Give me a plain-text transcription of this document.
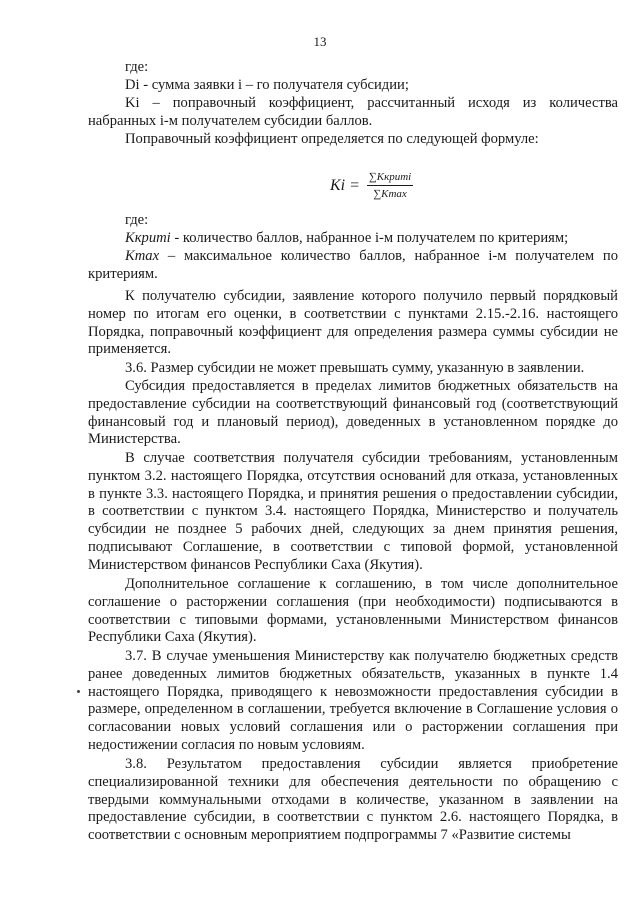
13

где:

Di - сумма заявки i – го получателя субсидии;

Ki – поправочный коэффициент, рассчитанный исходя из количества набранных i-м получателем субсидии баллов.

Поправочный коэффициент определяется по следующей формуле:

где:

Ккритi - количество баллов, набранное i-м получателем по критериям;

Kmax – максимальное количество баллов, набранное i-м получателем по критериям.

К получателю субсидии, заявление которого получило первый порядковый номер по итогам его оценки, в соответствии с пунктами 2.15.-2.16. настоящего Порядка, поправочный коэффициент для определения размера суммы субсидии не применяется.

3.6. Размер субсидии не может превышать сумму, указанную в заявлении.

Субсидия предоставляется в пределах лимитов бюджетных обязательств на предоставление субсидии на соответствующий финансовый год (соответствующий финансовый год и плановый период), доведенных в установленном порядке до Министерства.

В случае соответствия получателя субсидии требованиям, установленным пунктом 3.2. настоящего Порядка, отсутствия оснований для отказа, установленных в пункте 3.3. настоящего Порядка, и принятия решения о предоставлении субсидии, в соответствии с пунктом 3.4. настоящего Порядка, Министерство и получатель субсидии не позднее 5 рабочих дней, следующих за днем принятия решения, подписывают Соглашение, в соответствии с типовой формой, установленной Министерством финансов Республики Саха (Якутия).

Дополнительное соглашение к соглашению, в том числе дополнительное соглашение о расторжении соглашения (при необходимости) подписываются в соответствии с типовыми формами, установленными Министерством финансов Республики Саха (Якутия).

3.7. В случае уменьшения Министерству как получателю бюджетных средств ранее доведенных лимитов бюджетных обязательств, указанных в пункте 1.4 настоящего Порядка, приводящего к невозможности предоставления субсидии в размере, определенном в соглашении, требуется включение в Соглашение условия о согласовании новых условий соглашения или о расторжении соглашения при недостижении согласия по новым условиям.

3.8. Результатом предоставления субсидии является приобретение специализированной техники для обеспечения деятельности по обращению с твердыми коммунальными отходами в количестве, указанном в заявлении на предоставление субсидии, в соответствии с пунктом 2.6. настоящего Порядка, в соответствии с основным мероприятием подпрограммы 7 «Развитие системы

$Ki = \frac{\text{∑Ккритi}}{\sum Kmax}$
